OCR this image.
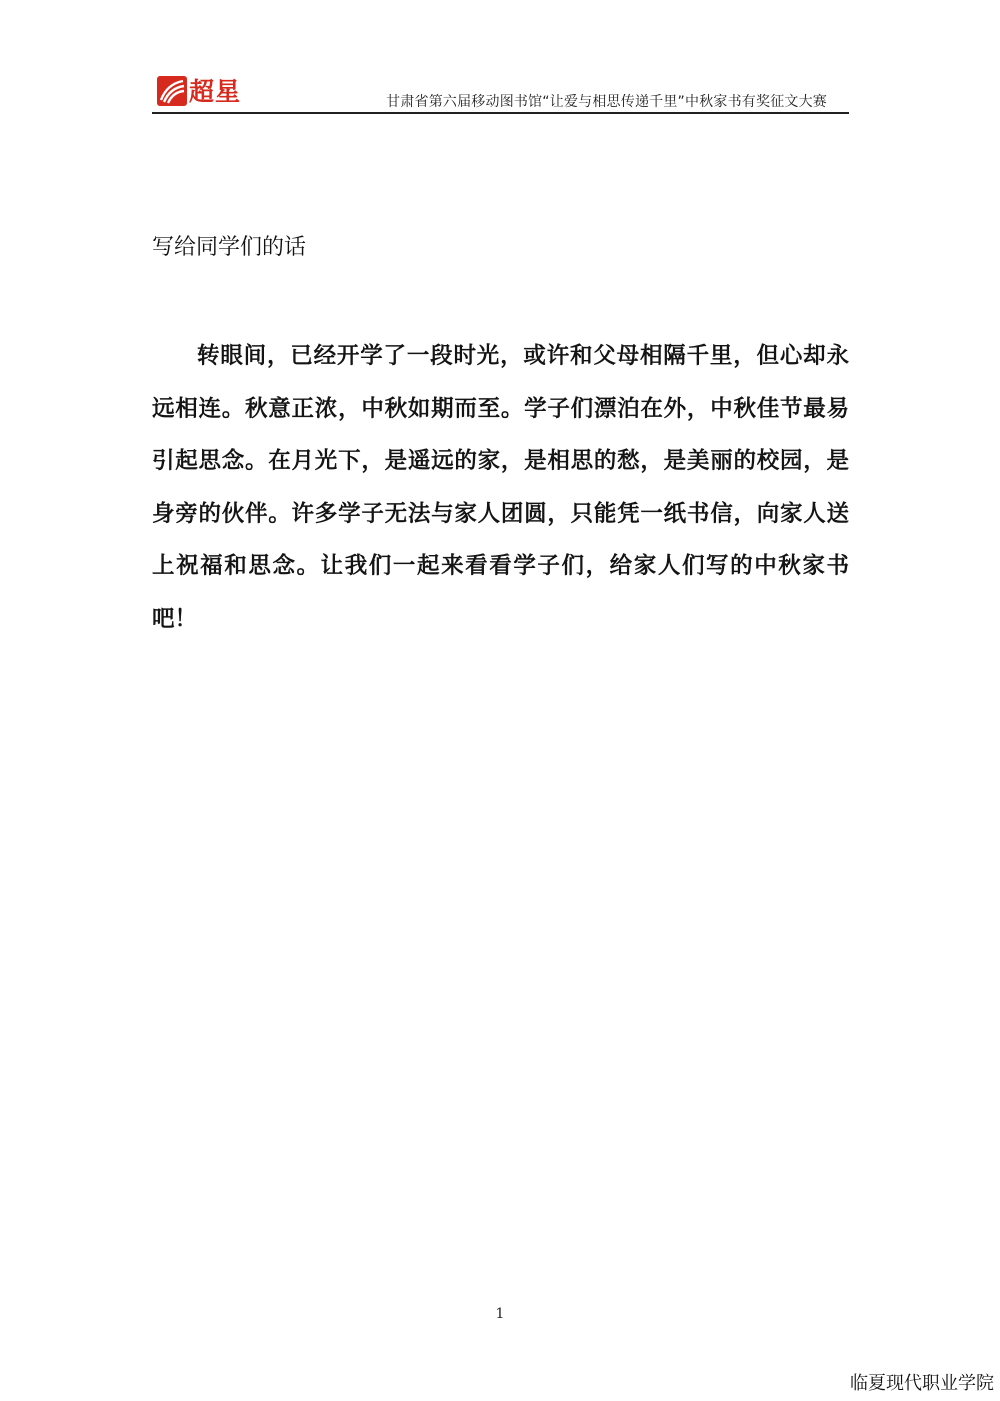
超星	甘肃省第六届移动图书馆“让爱与相思传递千里”中秋家书有奖征文大赛
写给同学们的话

转眼间，已经开学了一段时光，或许和父母相隔千里，但心却永远相连。秋意正浓，中秋如期而至。学子们漂泊在外，中秋佳节最易引起思念。在月光下，是遥远的家，是相思的愁，是美丽的校园，是身旁的伙伴。许多学子无法与家人团圆，只能凭一纸书信，向家人送上祝福和思念。让我们一起来看看学子们，给家人们写的中秋家书吧！

1
临夏现代职业学院
